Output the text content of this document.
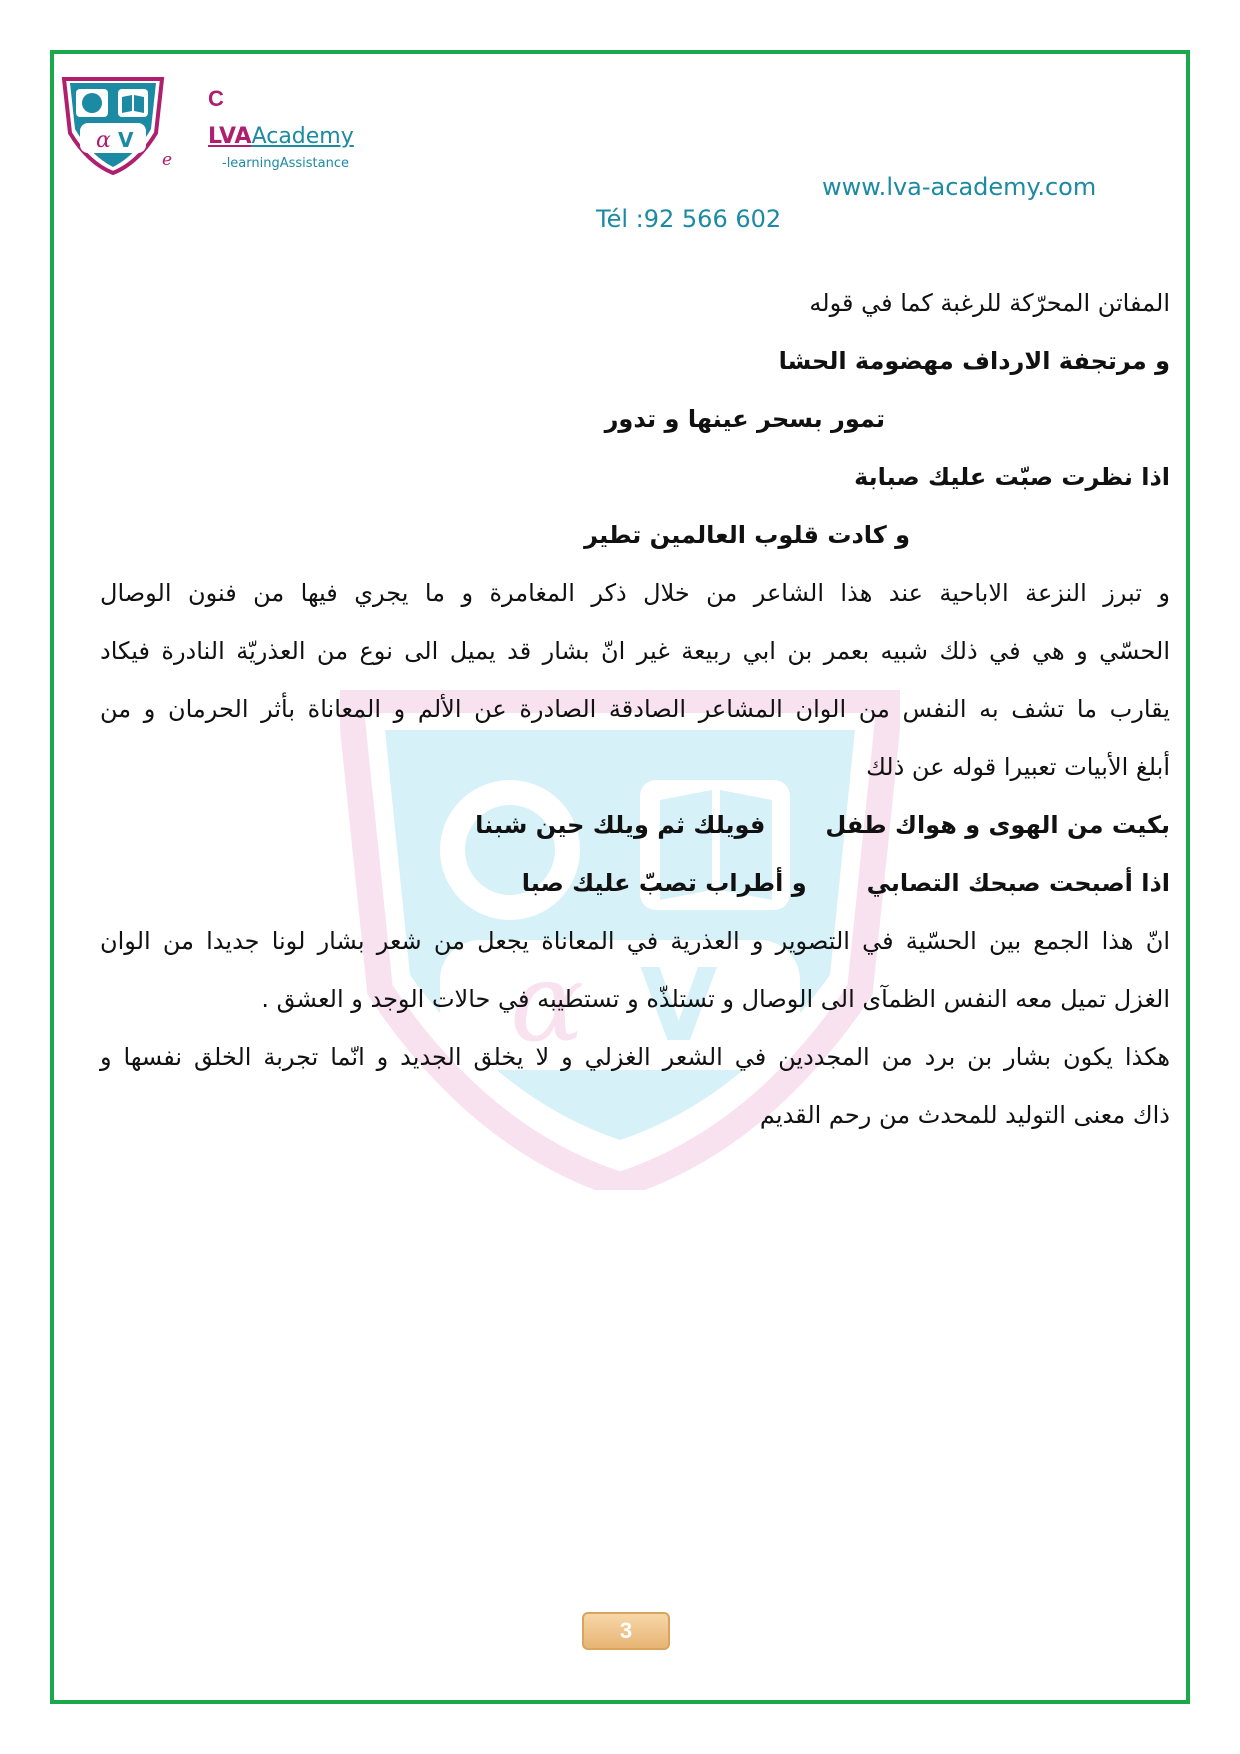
α V
e
C
LVAAcademy
-learningAssistance
www.lva-academy.com
Tél :92 566 602
α V

المفاتن المحرّكة للرغبة كما في قوله

و مرتجفة الارداف مهضومة الحشا

تمور بسحر عينها و تدور

اذا نظرت صبّت عليك صبابة

و كادت قلوب العالمين تطير

و تبرز النزعة الاباحية عند هذا الشاعر من خلال ذكر المغامرة و ما يجري فيها من فنون الوصال

الحسّي و هي في ذلك شبيه بعمر بن ابي ربيعة غير انّ بشار قد يميل الى نوع من العذريّة النادرة فيكاد

يقارب ما تشف به النفس من الوان المشاعر الصادقة الصادرة عن الألم و المعاناة بأثر الحرمان و من

أبلغ الأبيات تعبيرا قوله عن ذلك

بكيت من الهوى و هواك طفلفويلك ثم ويلك حين شبنا

اذا أصبحت صبحك التصابيو أطراب تصبّ عليك صبا

انّ هذا الجمع بين الحسّية في التصوير و العذرية في المعاناة يجعل من شعر بشار لونا جديدا من الوان

الغزل تميل معه النفس الظمآى الى الوصال و تستلذّه و تستطيبه في حالات الوجد و العشق .

هكذا يكون بشار بن برد من المجددين في الشعر الغزلي و لا يخلق الجديد و انّما تجربة الخلق نفسها و

ذاك معنى التوليد للمحدث من رحم القديم

3
